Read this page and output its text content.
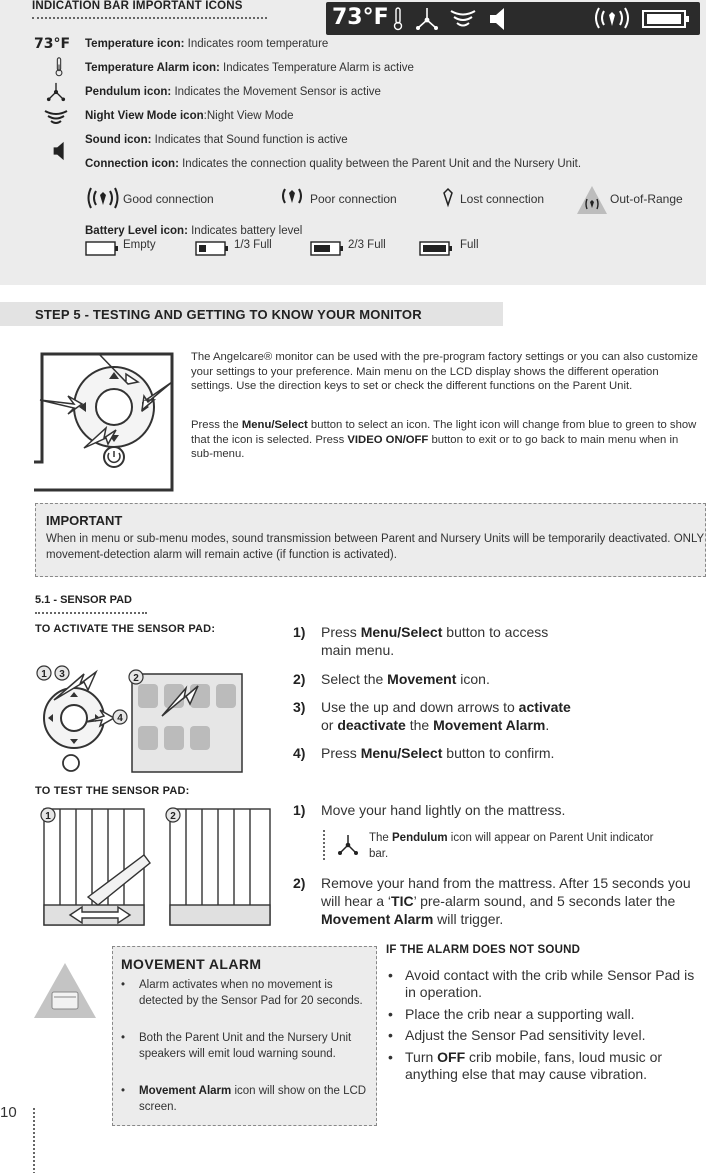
INDICATION BAR IMPORTANT ICONS	73°F
73°F Temperature icon: Indicates room temperature
Temperature Alarm icon: Indicates Temperature Alarm is active
Pendulum icon: Indicates the Movement Sensor is active
Night View Mode icon:Night View Mode
Sound icon: Indicates that Sound function is active
Connection icon: Indicates the connection quality between the Parent Unit and the Nursery Unit.
Good connection	Poor connection	Lost connection	Out-of-Range
Battery Level icon: Indicates battery level
Empty	1/3 Full	2/3 Full	Full
STEP 5 - TESTING AND GETTING TO KNOW YOUR MONITOR
The Angelcare® monitor can be used with the pre-program factory settings or you can also customize your settings to your preference. Main menu on the LCD display shows the different operation settings. Use the direction keys to set or check the different functions on the Parent Unit.
Press the Menu/Select button to select an icon. The light icon will change from blue to green to show that the icon is selected. Press VIDEO ON/OFF button to exit or to go back to main menu when in sub-menu.
IMPORTANT
When in menu or sub-menu modes, sound transmission between Parent and Nursery Units will be temporarily deactivated. ONLY movement-detection alarm will remain active (if function is activated).
5.1 - SENSOR PAD
TO ACTIVATE THE SENSOR PAD:
1 3	2
4
1) Press Menu/Select button to access
main menu.
2) Select the Movement icon.
3) Use the up and down arrows to activate
or deactivate the Movement Alarm.
4) Press Menu/Select button to confirm.
TO TEST THE SENSOR PAD:
1	2	1) Move your hand lightly on the mattress.
The Pendulum icon will appear on Parent Unit indicator bar.
2) Remove your hand from the mattress. After 15 seconds you will hear a ‘TIC’ pre-alarm sound, and 5 seconds later the Movement Alarm will trigger.
MOVEMENT ALARM
• Alarm activates when no movement is detected by the Sensor Pad for 20 seconds.
• Both the Parent Unit and the Nursery Unit speakers will emit loud warning sound.
• Movement Alarm icon will show on the LCD screen.
IF THE ALARM DOES NOT SOUND
• Avoid contact with the crib while Sensor Pad is in operation.
• Place the crib near a supporting wall.
• Adjust the Sensor Pad sensitivity level.
• Turn OFF crib mobile, fans, loud music or anything else that may cause vibration.
10
